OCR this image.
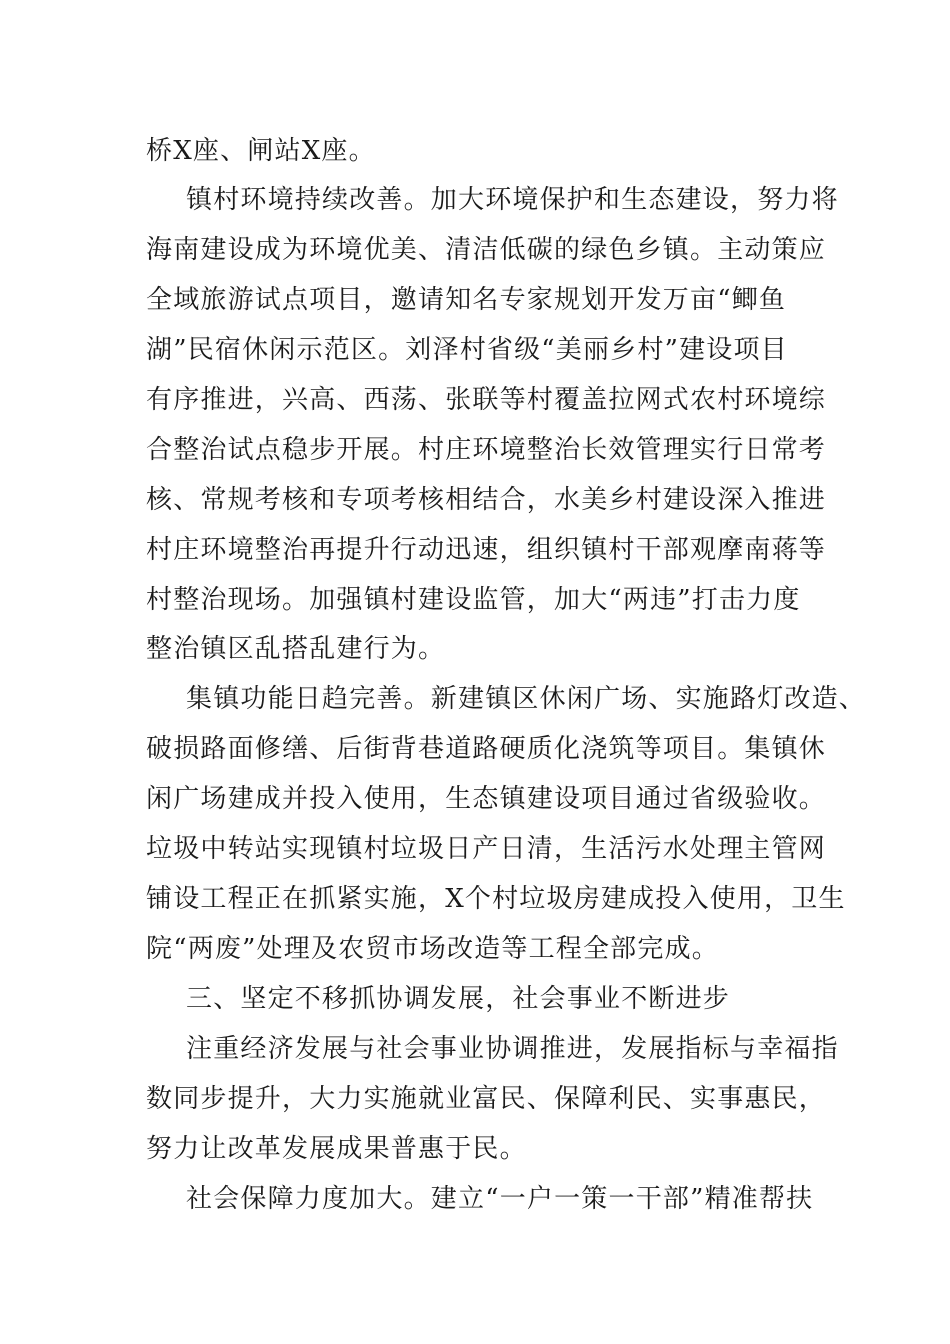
桥X座、闸站X座。

镇村环境持续改善。加大环境保护和生态建设，努力将

海南建设成为环境优美、清洁低碳的绿色乡镇。主动策应

全域旅游试点项目，邀请知名专家规划开发万亩“鲫鱼

湖”民宿休闲示范区。刘泽村省级“美丽乡村”建设项目

有序推进，兴高、西荡、张联等村覆盖拉网式农村环境综

合整治试点稳步开展。村庄环境整治长效管理实行日常考

核、常规考核和专项考核相结合，水美乡村建设深入推进

村庄环境整治再提升行动迅速，组织镇村干部观摩南蒋等

村整治现场。加强镇村建设监管，加大“两违”打击力度

整治镇区乱搭乱建行为。

集镇功能日趋完善。新建镇区休闲广场、实施路灯改造、

破损路面修缮、后街背巷道路硬质化浇筑等项目。集镇休

闲广场建成并投入使用，生态镇建设项目通过省级验收。

垃圾中转站实现镇村垃圾日产日清，生活污水处理主管网

铺设工程正在抓紧实施，X个村垃圾房建成投入使用，卫生

院“两废”处理及农贸市场改造等工程全部完成。

三、坚定不移抓协调发展，社会事业不断进步

注重经济发展与社会事业协调推进，发展指标与幸福指

数同步提升，大力实施就业富民、保障利民、实事惠民，

努力让改革发展成果普惠于民。

社会保障力度加大。建立“一户一策一干部”精准帮扶
